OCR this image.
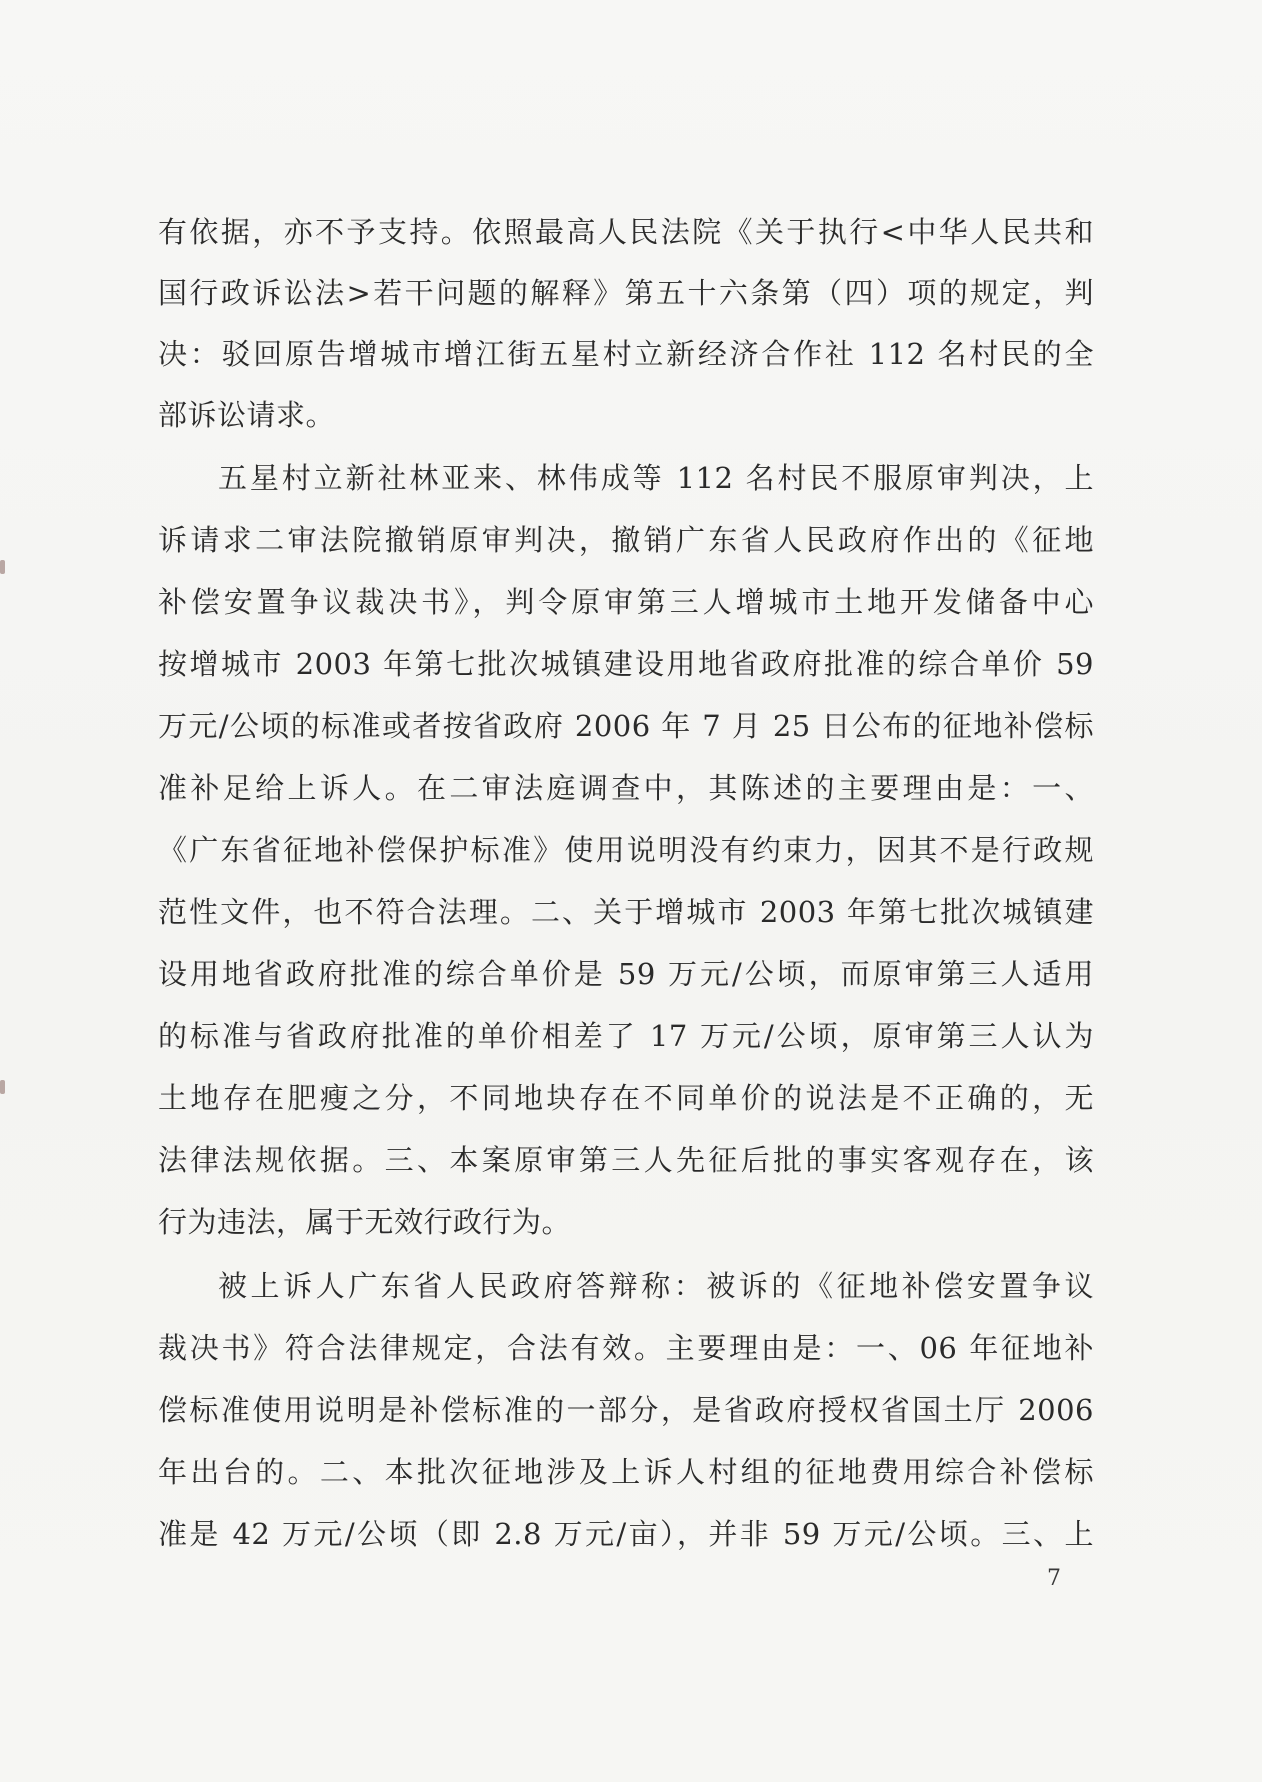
有依据，亦不予支持。依照最高人民法院《关于执行<中华人民共和
国行政诉讼法>若干问题的解释》第五十六条第（四）项的规定，判
决：驳回原告增城市增江街五星村立新经济合作社 112 名村民的全
部诉讼请求。
五星村立新社林亚来、林伟成等 112 名村民不服原审判决，上
诉请求二审法院撤销原审判决，撤销广东省人民政府作出的《征地
补偿安置争议裁决书》，判令原审第三人增城市土地开发储备中心
按增城市 2003 年第七批次城镇建设用地省政府批准的综合单价 59
万元/公顷的标准或者按省政府 2006 年 7 月 25 日公布的征地补偿标
准补足给上诉人。在二审法庭调查中，其陈述的主要理由是：一、
《广东省征地补偿保护标准》使用说明没有约束力，因其不是行政规
范性文件，也不符合法理。二、关于增城市 2003 年第七批次城镇建
设用地省政府批准的综合单价是 59 万元/公顷，而原审第三人适用
的标准与省政府批准的单价相差了 17 万元/公顷，原审第三人认为
土地存在肥瘦之分，不同地块存在不同单价的说法是不正确的，无
法律法规依据。三、本案原审第三人先征后批的事实客观存在，该
行为违法，属于无效行政行为。
被上诉人广东省人民政府答辩称：被诉的《征地补偿安置争议
裁决书》符合法律规定，合法有效。主要理由是：一、06 年征地补
偿标准使用说明是补偿标准的一部分，是省政府授权省国土厅 2006
年出台的。二、本批次征地涉及上诉人村组的征地费用综合补偿标
准是 42 万元/公顷（即 2.8 万元/亩），并非 59 万元/公顷。三、上
7
